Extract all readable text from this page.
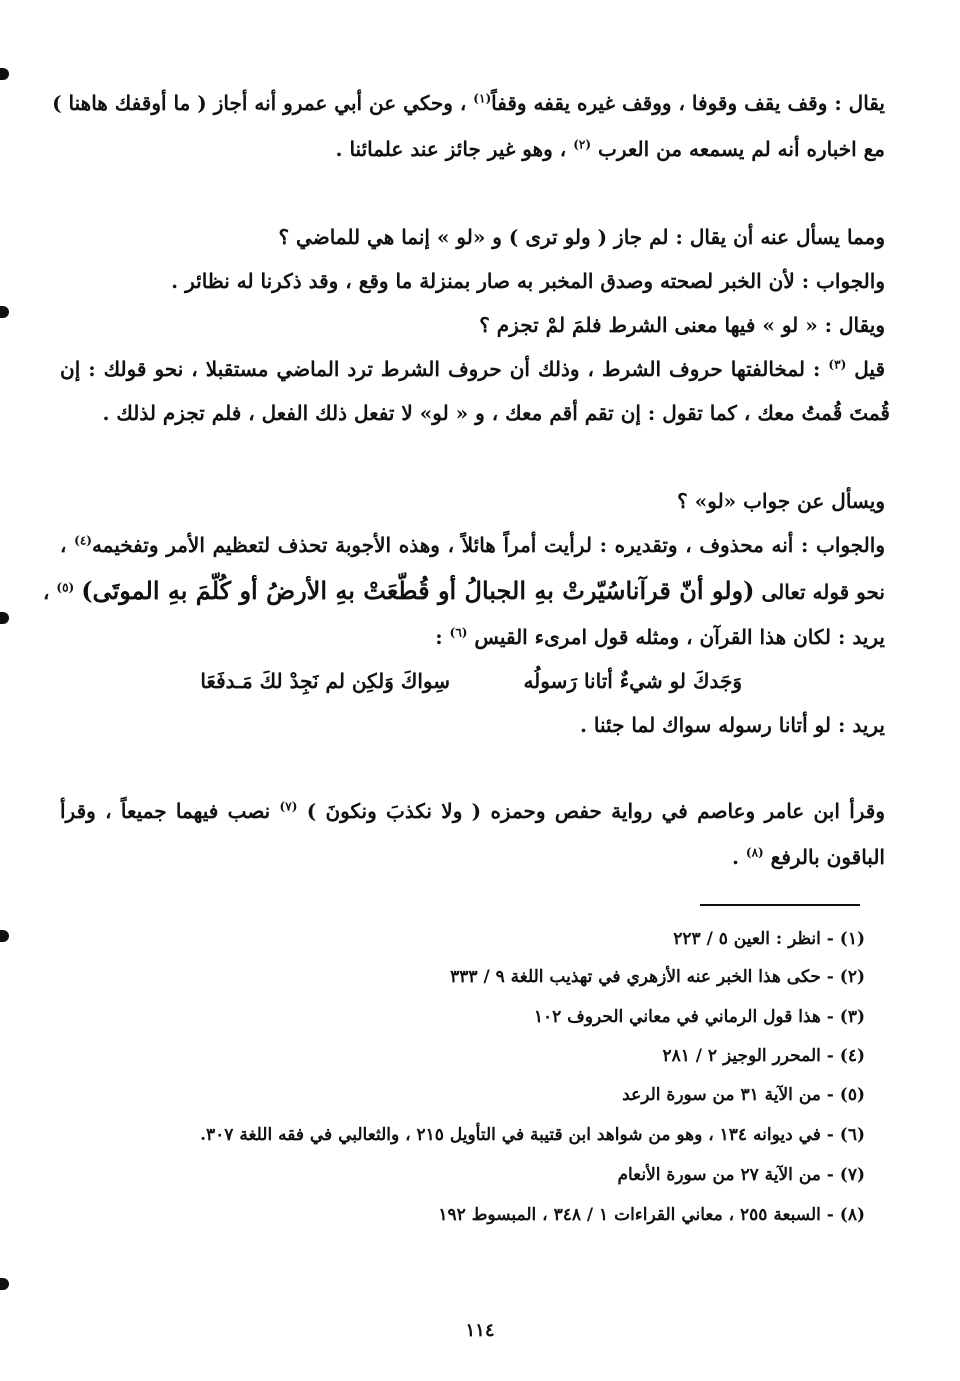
يقال : وقف يقف وقوفا ، ووقف غيره يقفه وقفاً$^{(١)}$ ، وحكي عن أبي عمرو أنه أجاز ( ما أوقفك هاهنا )
مع اخباره أنه لم يسمعه من العرب $^{(٢)}$ ، وهو غير جائز عند علمائنا .
ومما يسأل عنه أن يقال : لم جاز ( ولو ترى ) و «لو » إنما هي للماضي ؟
والجواب : لأن الخبر لصحته وصدق المخبر به صار بمنزلة ما وقع ، وقد ذكرنا له نظائر .
ويقال : « لو » فيها معنى الشرط فلمَ لمْ تجزم ؟
قيل $^{(٣)}$ : لمخالفتها حروف الشرط ، وذلك أن حروف الشرط ترد الماضي مستقبلا ، نحو قولك : إن
قُمتَ قُمتُ معك ، كما تقول : إن تقم أقم معك ، و « لو» لا تفعل ذلك الفعل ، فلم تجزم لذلك .
ويسأل عن جواب «لو» ؟
والجواب : أنه محذوف ، وتقديره : لرأيت أمراً هائلاً ، وهذه الأجوبة تحذف لتعظيم الأمر وتفخيمه$^{(٤)}$ ،
نحو قوله تعالى (ولو أنّ قرآناسُيّرتْ بهِ الجبالُ أو قُطّعَتْ بهِ الأرضُ أو كُلّمَ بهِ الموتَى) $^{(٥)}$ ،
يريد : لكان هذا القرآن ، ومثله قول امرىء القيس $^{(٦)}$ :
وَجَدكَ لو شيءٌ أتانا رَسولُه
سِواكَ وَلكِن لم نَجِدْ لكَ مَـدفَعَا
يريد : لو أتانا رسوله سواك لما جئنا .
وقرأ ابن عامر وعاصم في رواية حفص وحمزه ( ولا نكذبَ ونكونَ ) $^{(٧)}$ نصب فيهما جميعاً ، وقرأ
الباقون بالرفع $^{(٨)}$ .
(١) - انظر : العين ٥ / ٢٢٣
(٢) - حكى هذا الخبر عنه الأزهري في تهذيب اللغة ٩ / ٣٣٣
(٣) - هذا قول الرماني في معاني الحروف ١٠٢
(٤) - المحرر الوجيز ٢ / ٢٨١
(٥) - من الآية ٣١ من سورة الرعد
(٦) - في ديوانه ١٣٤ ، وهو من شواهد ابن قتيبة في التأويل ٢١٥ ، والثعالبي في فقه اللغة ٣٠٧.
(٧) - من الآية ٢٧ من سورة الأنعام
(٨) - السبعة ٢٥٥ ، معاني القراءات ١ / ٣٤٨ ، المبسوط ١٩٢
١١٤
